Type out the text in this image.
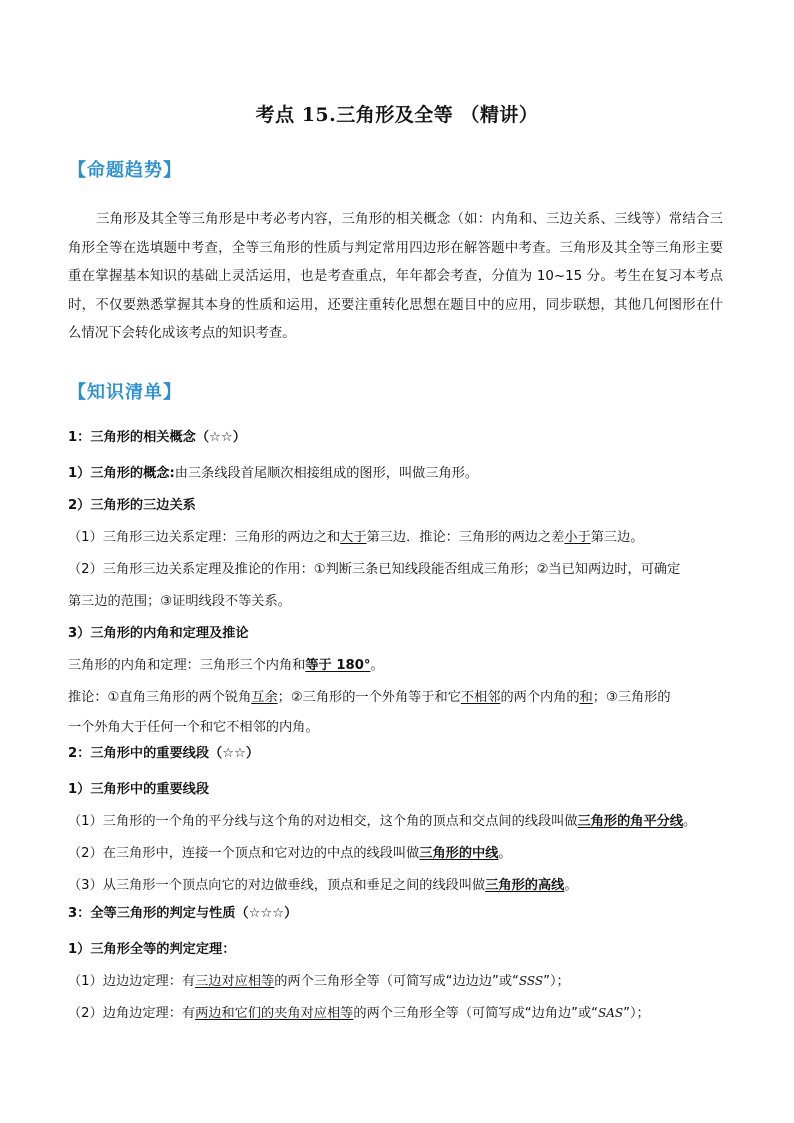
考点 15.三角形及全等 （精讲）
【命题趋势】
三角形及其全等三角形是中考必考内容，三角形的相关概念（如：内角和、三边关系、三线等）常结合三角形全等在选填题中考查，全等三角形的性质与判定常用四边形在解答题中考查。三角形及其全等三角形主要重在掌握基本知识的基础上灵活运用，也是考查重点，年年都会考查，分值为 10~15 分。考生在复习本考点时，不仅要熟悉掌握其本身的性质和运用，还要注重转化思想在题目中的应用，同步联想，其他几何图形在什么情况下会转化成该考点的知识考查。
【知识清单】
1：三角形的相关概念（☆☆）
1）三角形的概念:由三条线段首尾顺次相接组成的图形，叫做三角形。
2）三角形的三边关系
（1）三角形三边关系定理：三角形的两边之和大于第三边．推论：三角形的两边之差小于第三边。
（2）三角形三边关系定理及推论的作用：①判断三条已知线段能否组成三角形；②当已知两边时，可确定
第三边的范围；③证明线段不等关系。
3）三角形的内角和定理及推论
三角形的内角和定理：三角形三个内角和等于 180°。
推论：①直角三角形的两个锐角互余；②三角形的一个外角等于和它不相邻的两个内角的和；③三角形的
一个外角大于任何一个和它不相邻的内角。
2：三角形中的重要线段（☆☆）
1）三角形中的重要线段
（1）三角形的一个角的平分线与这个角的对边相交，这个角的顶点和交点间的线段叫做三角形的角平分线。
（2）在三角形中，连接一个顶点和它对边的中点的线段叫做三角形的中线。
（3）从三角形一个顶点向它的对边做垂线，顶点和垂足之间的线段叫做三角形的高线。
3：全等三角形的判定与性质（☆☆☆）
1）三角形全等的判定定理：
（1）边边边定理：有三边对应相等的两个三角形全等（可简写成“边边边”或“SSS”）；
（2）边角边定理：有两边和它们的夹角对应相等的两个三角形全等（可简写成“边角边”或“SAS”）；
